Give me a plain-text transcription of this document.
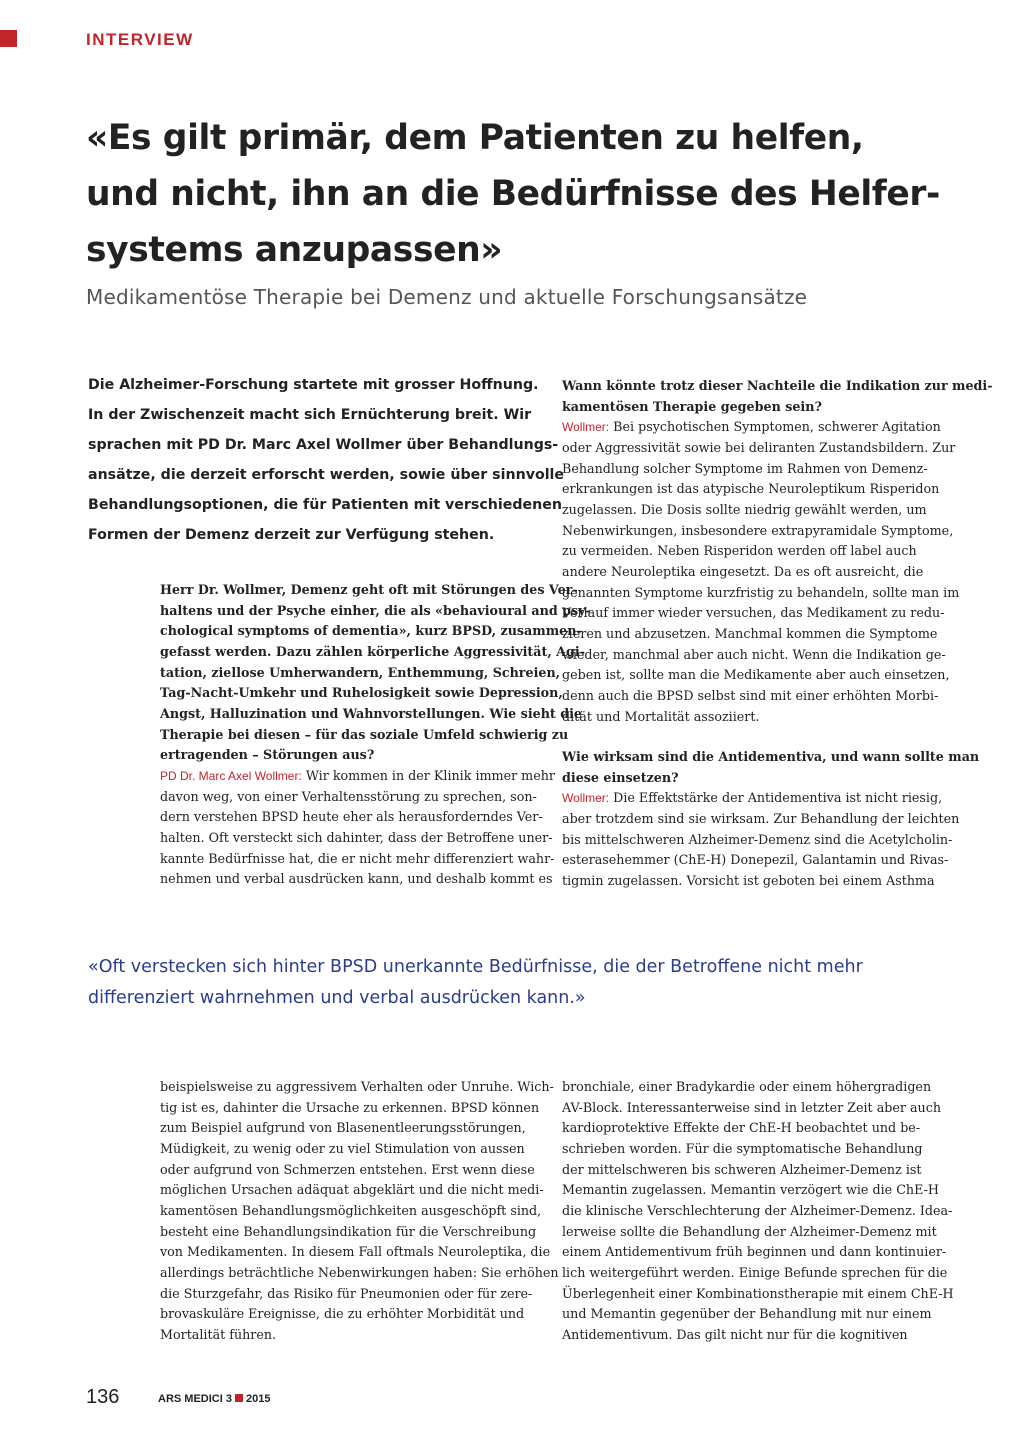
INTERVIEW
«Es gilt primär, dem Patienten zu helfen,
und nicht, ihn an die Bedürfnisse des Helfer-
systems anzupassen»
Medikamentöse Therapie bei Demenz und aktuelle Forschungsansätze
Die Alzheimer-Forschung startete mit grosser Hoffnung.
In der Zwischenzeit macht sich Ernüchterung breit. Wir
sprachen mit PD Dr. Marc Axel Wollmer über Behandlungs-
ansätze, die derzeit erforscht werden, sowie über sinnvolle
Behandlungsoptionen, die für Patienten mit verschiedenen
Formen der Demenz derzeit zur Verfügung stehen.
Herr Dr. Wollmer, Demenz geht oft mit Störungen des Ver-
haltens und der Psyche einher, die als «behavioural and psy-
chological symptoms of dementia», kurz BPSD, zusammen-
gefasst werden. Dazu zählen körperliche Aggressivität, Agi-
tation, ziellose Umherwandern, Enthemmung, Schreien,
Tag-Nacht-Umkehr und Ruhelosigkeit sowie Depression,
Angst, Halluzination und Wahnvorstellungen. Wie sieht die
Therapie bei diesen – für das soziale Umfeld schwierig zu
ertragenden – Störungen aus?
PD Dr. Marc Axel Wollmer: Wir kommen in der Klinik immer mehr
davon weg, von einer Verhaltensstörung zu sprechen, son-
dern verstehen BPSD heute eher als herausforderndes Ver-
halten. Oft versteckt sich dahinter, dass der Betroffene uner-
kannte Bedürfnisse hat, die er nicht mehr differenziert wahr-
nehmen und verbal ausdrücken kann, und deshalb kommt es
Wann könnte trotz dieser Nachteile die Indikation zur medi-
kamentösen Therapie gegeben sein?
Wollmer: Bei psychotischen Symptomen, schwerer Agitation
oder Aggressivität sowie bei deliranten Zustandsbildern. Zur
Behandlung solcher Symptome im Rahmen von Demenz-
erkrankungen ist das atypische Neuroleptikum Risperidon
zugelassen. Die Dosis sollte niedrig gewählt werden, um
Nebenwirkungen, insbesondere extrapyramidale Symptome,
zu vermeiden. Neben Risperidon werden off label auch
andere Neuroleptika eingesetzt. Da es oft ausreicht, die
genannten Symptome kurzfristig zu behandeln, sollte man im
Verlauf immer wieder versuchen, das Medikament zu redu-
zieren und abzusetzen. Manchmal kommen die Symptome
wieder, manchmal aber auch nicht. Wenn die Indikation ge-
geben ist, sollte man die Medikamente aber auch einsetzen,
denn auch die BPSD selbst sind mit einer erhöhten Morbi-
dität und Mortalität assoziiert.
Wie wirksam sind die Antidementiva, und wann sollte man
diese einsetzen?
Wollmer: Die Effektstärke der Antidementiva ist nicht riesig,
aber trotzdem sind sie wirksam. Zur Behandlung der leichten
bis mittelschweren Alzheimer-Demenz sind die Acetylcholin-
esterasehemmer (ChE-H) Donepezil, Galantamin und Rivas-
tigmin zugelassen. Vorsicht ist geboten bei einem Asthma
«Oft verstecken sich hinter BPSD unerkannte Bedürfnisse, die der Betroffene nicht mehr
differenziert wahrnehmen und verbal ausdrücken kann.»
beispielsweise zu aggressivem Verhalten oder Unruhe. Wich-
tig ist es, dahinter die Ursache zu erkennen. BPSD können
zum Beispiel aufgrund von Blasenentleerungsstörungen,
Müdigkeit, zu wenig oder zu viel Stimulation von aussen
oder aufgrund von Schmerzen entstehen. Erst wenn diese
möglichen Ursachen adäquat abgeklärt und die nicht medi-
kamentösen Behandlungsmöglichkeiten ausgeschöpft sind,
besteht eine Behandlungsindikation für die Verschreibung
von Medikamenten. In diesem Fall oftmals Neuroleptika, die
allerdings beträchtliche Nebenwirkungen haben: Sie erhöhen
die Sturzgefahr, das Risiko für Pneumonien oder für zere-
brovaskuläre Ereignisse, die zu erhöhter Morbidität und
Mortalität führen.
bronchiale, einer Bradykardie oder einem höhergradigen
AV-Block. Interessanterweise sind in letzter Zeit aber auch
kardioprotektive Effekte der ChE-H beobachtet und be-
schrieben worden. Für die symptomatische Behandlung
der mittelschweren bis schweren Alzheimer-Demenz ist
Memantin zugelassen. Memantin verzögert wie die ChE-H
die klinische Verschlechterung der Alzheimer-Demenz. Idea-
lerweise sollte die Behandlung der Alzheimer-Demenz mit
einem Antidementivum früh beginnen und dann kontinuier-
lich weitergeführt werden. Einige Befunde sprechen für die
Überlegenheit einer Kombinationstherapie mit einem ChE-H
und Memantin gegenüber der Behandlung mit nur einem
Antidementivum. Das gilt nicht nur für die kognitiven
136	ARS MEDICI 3 2015
